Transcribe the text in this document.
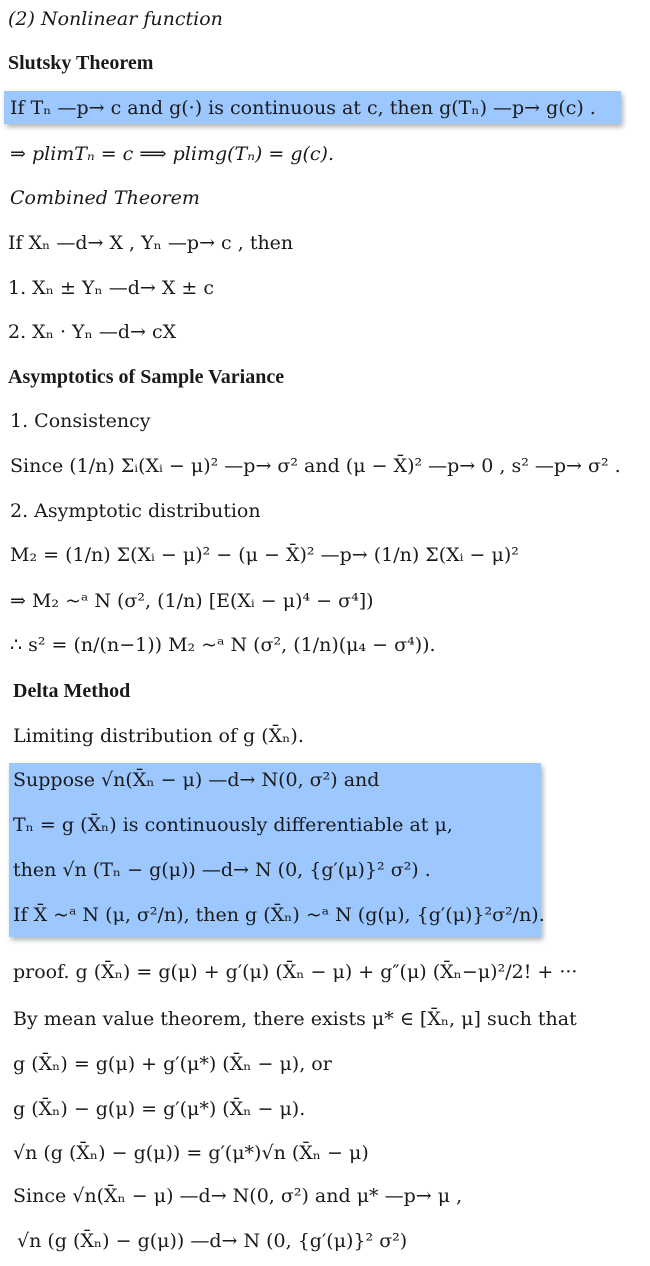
(2) Nonlinear function
Slutsky Theorem
If Tₙ —p→ c and g(·) is continuous at c, then g(Tₙ) —p→ g(c) .
⇒ plimTₙ = c ⟹ plimg(Tₙ) = g(c).
Combined Theorem
If Xₙ —d→ X , Yₙ —p→ c , then
1. Xₙ ± Yₙ —d→ X ± c
2. Xₙ · Yₙ —d→ cX
Asymptotics of Sample Variance
1. Consistency
Since (1/n) Σᵢ(Xᵢ − μ)² —p→ σ² and (μ − X̄)² —p→ 0 , s² —p→ σ² .
2. Asymptotic distribution
M₂ = (1/n) Σ(Xᵢ − μ)² − (μ − X̄)² —p→ (1/n) Σ(Xᵢ − μ)²
⇒ M₂ ~ᵃ N (σ², (1/n) [E(Xᵢ − μ)⁴ − σ⁴])
∴ s² = (n/(n−1)) M₂ ~ᵃ N (σ², (1/n)(μ₄ − σ⁴)).
Delta Method
Limiting distribution of g (X̄ₙ).
Suppose √n(X̄ₙ − μ) —d→ N(0, σ²) and
Tₙ = g (X̄ₙ) is continuously differentiable at μ,
then √n (Tₙ − g(μ)) —d→ N (0, {g′(μ)}² σ²) .
If X̄ ~ᵃ N (μ, σ²/n), then g (X̄ₙ) ~ᵃ N (g(μ), {g′(μ)}²σ²/n).
proof. g (X̄ₙ) = g(μ) + g′(μ) (X̄ₙ − μ) + g″(μ) (X̄ₙ−μ)²/2! + ···
By mean value theorem, there exists μ* ∈ [X̄ₙ, μ] such that
g (X̄ₙ) = g(μ) + g′(μ*) (X̄ₙ − μ), or
g (X̄ₙ) − g(μ) = g′(μ*) (X̄ₙ − μ).
√n (g (X̄ₙ) − g(μ)) = g′(μ*)√n (X̄ₙ − μ)
Since √n(X̄ₙ − μ) —d→ N(0, σ²) and μ* —p→ μ ,
√n (g (X̄ₙ) − g(μ)) —d→ N (0, {g′(μ)}² σ²)
